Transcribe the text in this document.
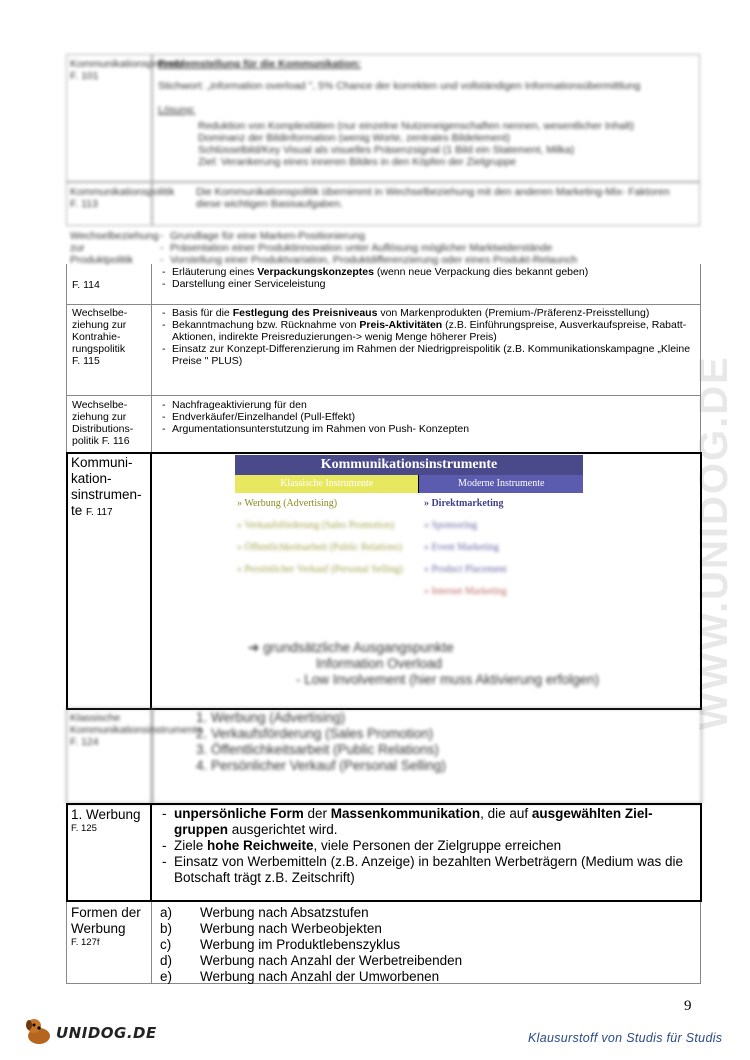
WWW.UNIDOG.DE
Kommunikationsprozess F. 101
Problemstellung für die Kommunikation:
Stichwort: „information overload ", 5% Chance der korrekten und vollständigen Informationsübermittlung
Lösung:
Reduktion von Komplexitäten (nur einzelne Nutzeneigenschaften nennen, wesentlicher Inhalt)
Dominanz der Bildinformation (wenig Worte, zentrales Bildelement)
Schlüsselbild/Key Visual als visuelles Präsenzsignal (1 Bild ein Statement, Milka)
Ziel: Verankerung eines inneren Bildes in den Köpfen der Zielgruppe
Kommunikationspolitik F. 113
Die Kommunikationspolitik übernimmt in Wechselbeziehung mit den anderen Marketing-Mix- Faktoren diese wichtigen Basisaufgaben.
Wechselbeziehung zur Produktpolitik
- Grundlage für eine Marken-Positionierung
- Präsentation einer Produktinnovation unter Auflösung möglicher Marktwiderstände
- Vorstellung einer Produktvariation, Produktdifferenzierung oder eines Produkt-Relaunch
F. 114
- Erläuterung eines Verpackungskonzeptes (wenn neue Verpackung dies bekannt geben)
- Darstellung einer Serviceleistung
Wechselbe-
ziehung zur
Kontrahie-
rungspolitik
F. 115
- Basis für die Festlegung des Preisniveaus von Markenprodukten (Premium-/Präferenz-Preisstellung)
- Bekanntmachung bzw. Rücknahme von Preis-Aktivitäten (z.B. Einführungspreise, Ausverkaufspreise, Rabatt-Aktionen, indirekte Preisreduzierungen-> wenig Menge höherer Preis)
- Einsatz zur Konzept-Differenzierung im Rahmen der Niedrigpreispolitik (z.B. Kommunikationskampagne „Kleine Preise " PLUS)
Wechselbe-
ziehung zur
Distributions-
politik F. 116
- Nachfrageaktivierung für den
- Endverkäufer/Einzelhandel (Pull-Effekt)
- Argumentationsunterstutzung im Rahmen von Push- Konzepten
Kommuni-
kation-
sinstrumen-
te F. 117
Kommunikationsinstrumente
Klassische Instrumente	Moderne Instrumente
» Werbung (Advertising)
» Verkaufsförderung (Sales Promotion)
» Öffentlichkeitsarbeit (Public Relations)
» Persönlicher Verkauf (Personal Selling)
» Direktmarketing
» Sponsoring
» Event Marketing
» Product Placement
» Internet Marketing
➔ grundsätzliche Ausgangspunkte
Information Overload
- Low Involvement (hier muss Aktivierung erfolgen)
Klassische Kommunikationsinstrumente F. 124
1. Werbung (Advertising)
2. Verkaufsförderung (Sales Promotion)
3. Öffentlichkeitsarbeit (Public Relations)
4. Persönlicher Verkauf (Personal Selling)
1. Werbung
F. 125
- unpersönliche Form der Massenkommunikation, die auf ausgewählten Ziel-gruppen ausgerichtet wird.
- Ziele hohe Reichweite, viele Personen der Zielgruppe erreichen
- Einsatz von Werbemitteln (z.B. Anzeige) in bezahlten Werbeträgern (Medium was die Botschaft trägt z.B. Zeitschrift)
Formen der
Werbung
F. 127f
a) Werbung nach Absatzstufen
b) Werbung nach Werbeobjekten
c) Werbung im Produktlebenszyklus
d) Werbung nach Anzahl der Werbetreibenden
e) Werbung nach Anzahl der Umworbenen
9
UNIDOG.DE	Klausurstoff von Studis für Studis
